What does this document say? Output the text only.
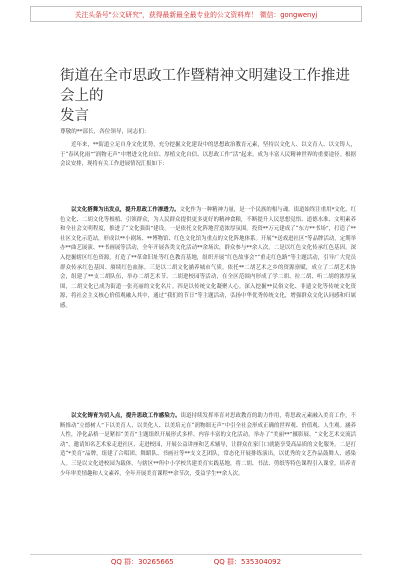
关注头条号"公文研究"，获得最新最全最专业的公文资料库！ 微信：gongwenyj
街道在全市思政工作暨精神文明建设工作推进会上的
发言
尊敬的**部长，各位领导，同志们：

近年来，**街道立足自身文化优势，充分挖掘文化建设中的思想政治教育元素，坚持以文化人、以文育人、以文铸人，于“春风化雨”“润物无声”中增进文化自信、厚植文化自信、以思政工作“活”起来，成为丰富人民精神世界的重要途径。根据会议安排，现将有关工作进展情况汇报如下：

以文化搭舞为出发点，提升思政工作渗透力。文化作为一种精神力量，是一个民族的根与魂。街道始终注重用*文化、红色文化、二胡文化等根植、引领群众，为人民群众提供更多更好的精神食粮，不断提升人民思想觉悟、道德水准、文明素养和全社会文明程度，推进了“文化强街”建设。一是依托文化阵地营造浓厚氛围。投资**万元建成了“东方**书场”，打造了**社区文化示范站，形成以**小剧场、**博物馆、红色文化馆为重点的文化阵地体系。开展“*送戏进社区”等品牌活动，定期举办**曲艺展演、**书画展等活动，全年开展各类文化活动**余场次，群众参与**余人次。二是以红色文化传承红色基因。深入挖掘辖区红色资源，打造了**革命旧址等红色教育基地，组织开展“红色故事会”“重走红色路”等主题活动，引导广大党员群众传承红色基因、赓续红色血脉。三是以二胡文化涵养城市气质。依托**二胡艺术之乡的资源禀赋，成立了二胡艺术协会，组建了**支二胡队伍，举办二胡艺术节、二胡进校园等活动，在全区范围内形成了学二胡、拉二胡、听二胡的浓厚氛围，二胡文化已成为街道一张亮丽的文化名片。四是以传统文化凝聚人心。深入挖掘**民俗文化、非遗文化等传统文化资源，将社会主义核心价值观融入其中，通过“我们的节日”等主题活动，弘扬中华优秀传统文化，增强群众文化认同感和归属感。

以文化铸育为切入点，提升思政工作感染力。街道持续发挥率育对思政教育的助力作用，将思政元素融入美育工作，不断推动“立德树人”下以美育人、以美化人、以美培元在“润物细无声”中引全社会形成正确的世界观、价值观、人生观。涵养人性，净化品格一是紧扣“美育”主题组织开展形式多样、内容丰富的文化活动，举办了“美丽**”摄影展、“文化艺术交流活动”，邀请知名艺术家走进社区、走进校园，开展公益讲座和艺术辅导，让群众在家门口就能享受高品质的文化服务。二是打造“*美育”品牌，组建了合唱团、舞蹈队、书画社等**支文艺团队，常态化开展排练演出，以优秀的文艺作品鼓舞人、感染人。三是以文化进校园为载体，与辖区**所中小学校共建美育实践基地，将二胡、书法、剪纸等特色课程引入课堂，培养青少年审美情趣和人文素养，全年开展美育课程**余节次，受益学生**余人次。

QQ 群：30265665	QQ 群：535304092
